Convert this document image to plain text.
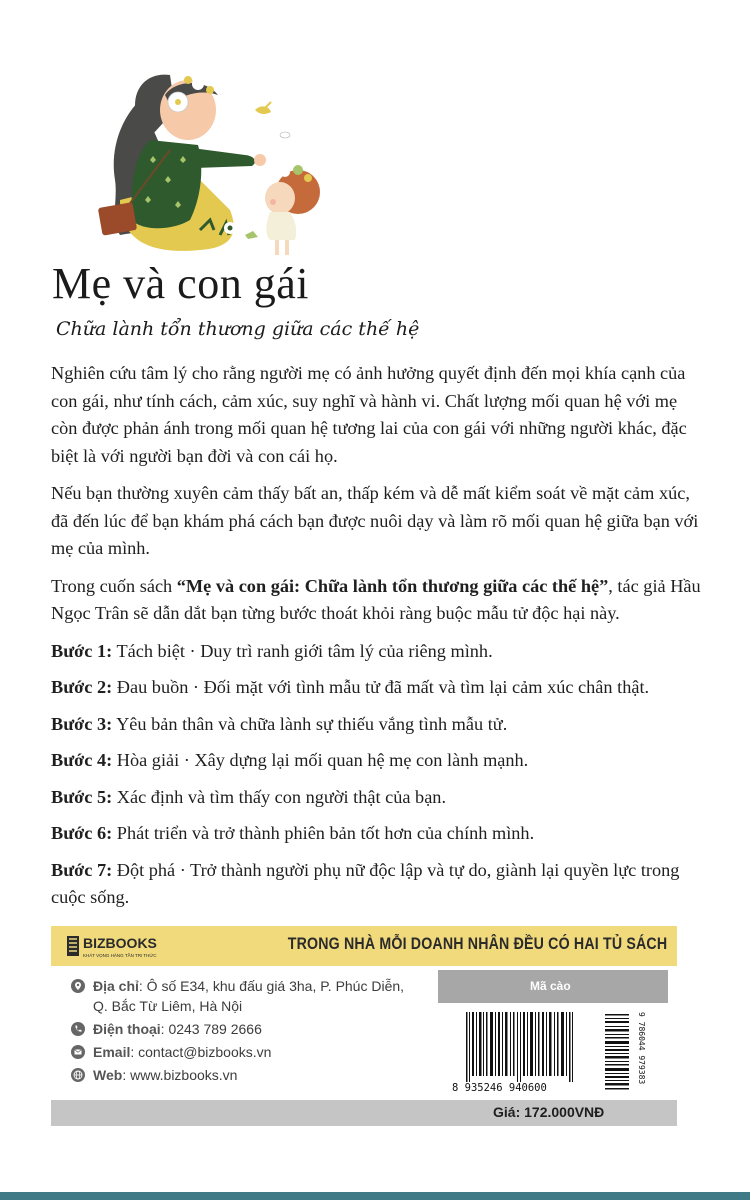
Mẹ và con gái
Chữa lành tổn thương giữa các thế hệ

Nghiên cứu tâm lý cho rằng người mẹ có ảnh hưởng quyết định đến mọi khía cạnh của con gái, như tính cách, cảm xúc, suy nghĩ và hành vi. Chất lượng mối quan hệ với mẹ còn được phản ánh trong mối quan hệ tương lai của con gái với những người khác, đặc biệt là với người bạn đời và con cái họ.

Nếu bạn thường xuyên cảm thấy bất an, thấp kém và dễ mất kiểm soát về mặt cảm xúc, đã đến lúc để bạn khám phá cách bạn được nuôi dạy và làm rõ mối quan hệ giữa bạn với mẹ của mình.

Trong cuốn sách “Mẹ và con gái: Chữa lành tổn thương giữa các thế hệ”, tác giả Hầu Ngọc Trân sẽ dẫn dắt bạn từng bước thoát khỏi ràng buộc mẫu tử độc hại này.

Bước 1: Tách biệt · Duy trì ranh giới tâm lý của riêng mình.

Bước 2: Đau buồn · Đối mặt với tình mẫu tử đã mất và tìm lại cảm xúc chân thật.

Bước 3: Yêu bản thân và chữa lành sự thiếu vắng tình mẫu tử.

Bước 4: Hòa giải · Xây dựng lại mối quan hệ mẹ con lành mạnh.

Bước 5: Xác định và tìm thấy con người thật của bạn.

Bước 6: Phát triển và trở thành phiên bản tốt hơn của chính mình.

Bước 7: Đột phá · Trở thành người phụ nữ độc lập và tự do, giành lại quyền lực trong cuộc sống.

BIZBOOKS
KHÁT VỌNG HÀNG TẦN TRI THỨC
TRONG NHÀ MỖI DOANH NHÂN ĐỀU CÓ HAI TỦ SÁCH
Địa chỉ: Ô số E34, khu đấu giá 3ha, P. Phúc Diễn, Q. Bắc Từ Liêm, Hà Nội
Điện thoại: 0243 789 2666
Email: contact@bizbooks.vn
Web: www.bizbooks.vn
Mã cào
8 935246 940600
9 786044 979383
Giá: 172.000VNĐ
